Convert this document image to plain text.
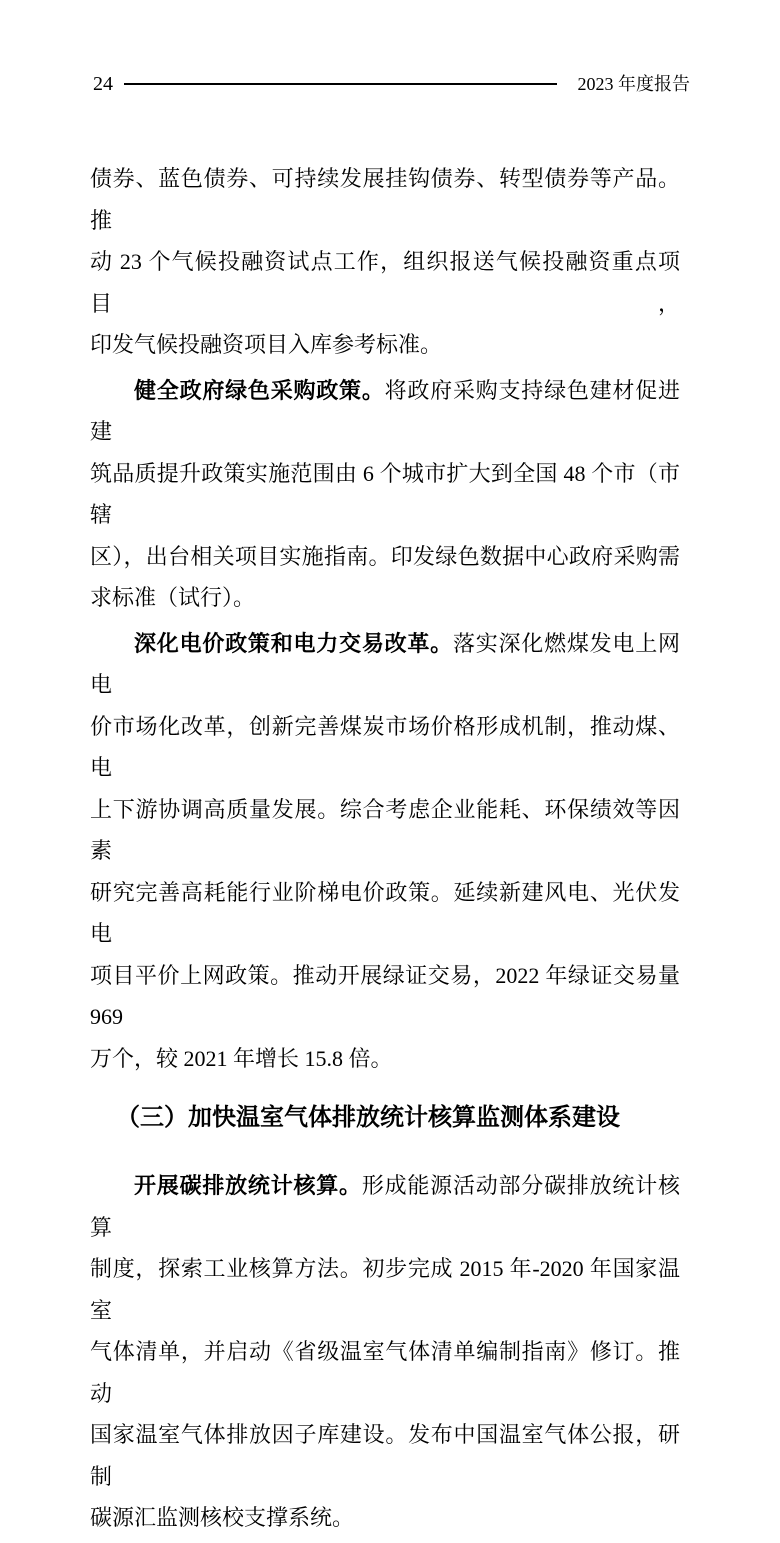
24	2023 年度报告
债券、蓝色债券、可持续发展挂钩债券、转型债券等产品。推
动 23 个气候投融资试点工作，组织报送气候投融资重点项目，
印发气候投融资项目入库参考标准。
健全政府绿色采购政策。将政府采购支持绿色建材促进建
筑品质提升政策实施范围由 6 个城市扩大到全国 48 个市（市辖
区），出台相关项目实施指南。印发绿色数据中心政府采购需
求标准（试行）。
深化电价政策和电力交易改革。落实深化燃煤发电上网电
价市场化改革，创新完善煤炭市场价格形成机制，推动煤、电
上下游协调高质量发展。综合考虑企业能耗、环保绩效等因素
研究完善高耗能行业阶梯电价政策。延续新建风电、光伏发电
项目平价上网政策。推动开展绿证交易，2022 年绿证交易量 969
万个，较 2021 年增长 15.8 倍。
（三）加快温室气体排放统计核算监测体系建设
开展碳排放统计核算。形成能源活动部分碳排放统计核算
制度，探索工业核算方法。初步完成 2015 年-2020 年国家温室
气体清单，并启动《省级温室气体清单编制指南》修订。推动
国家温室气体排放因子库建设。发布中国温室气体公报，研制
碳源汇监测核校支撑系统。
